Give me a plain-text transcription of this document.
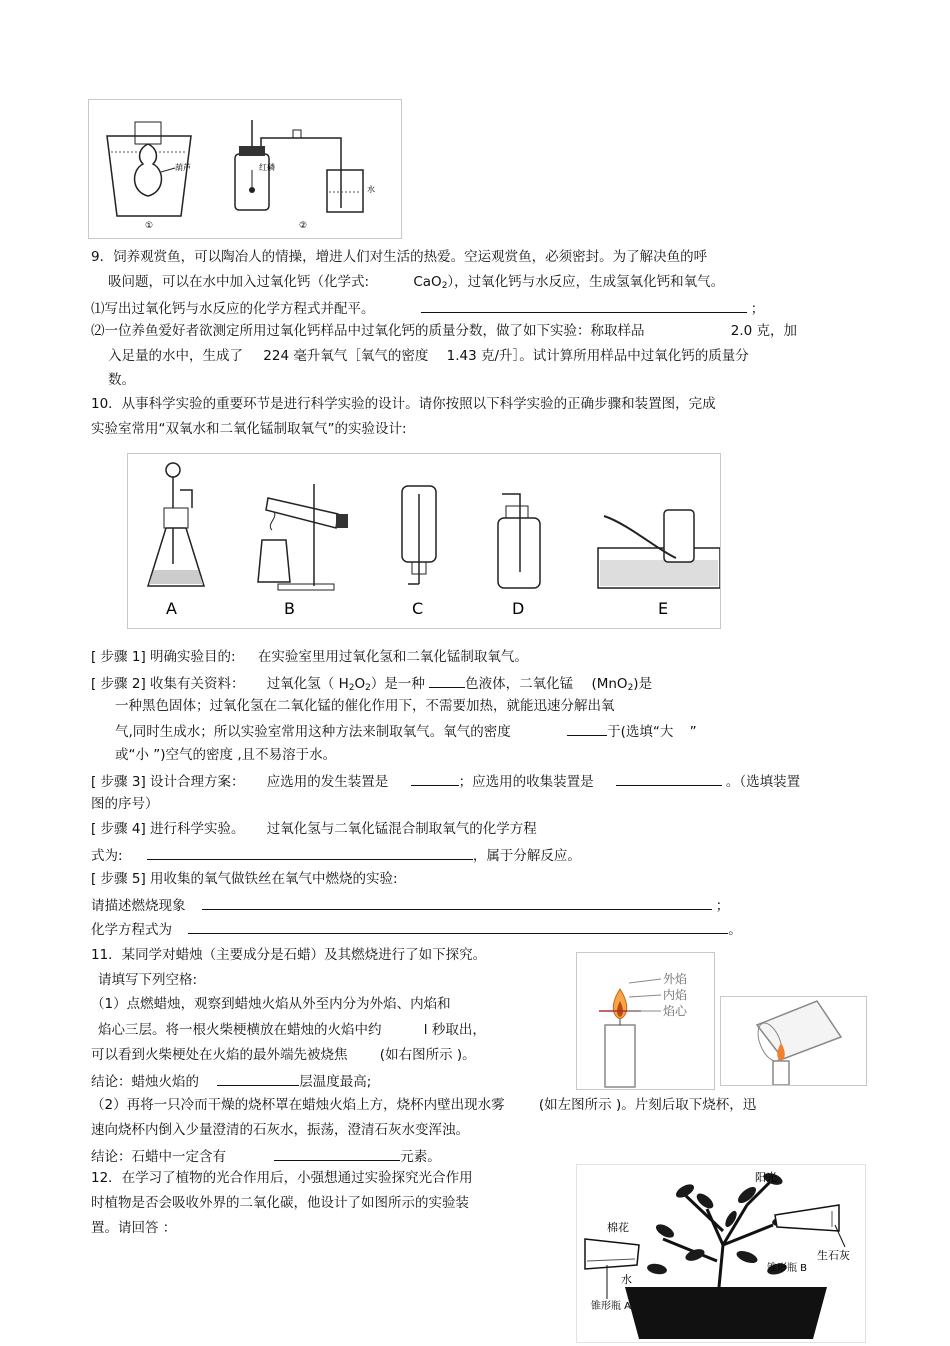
葫芦
①
红磷
水
②
9．饲养观赏鱼，可以陶冶人的情操，增进人们对生活的热爱。空运观赏鱼，必须密封。为了解决鱼的呼
吸问题，可以在水中加入过氧化钙（化学式:	CaO$_2$），过氧化钙与水反应，生成氢氧化钙和氧气。
⑴写出过氧化钙与水反应的化学方程式并配平。	；
⑵一位养鱼爱好者欲测定所用过氧化钙样品中过氧化钙的质量分数，做了如下实验：称取样品	2.0 克，加
入足量的水中，生成了 224 毫升氧气［氧气的密度 1.43 克/升］。试计算所用样品中过氧化钙的质量分
数。
10．从事科学实验的重要环节是进行科学实验的设计。请你按照以下科学实验的正确步骤和装置图，完成
实验室常用“双氧水和二氧化锰制取氧气”的实验设计:
A	B	C	D	E
[ 步骤 1] 明确实验目的: 在实验室里用过氧化氢和二氧化锰制取氧气。
[ 步骤 2] 收集有关资料： 过氧化氢（ $H_2O_2$）是一种	色液体，二氧化锰 (MnO$_2$)是
一种黑色固体；过氧化氢在二氧化锰的催化作用下，不需要加热，就能迅速分解出氧
气,同时生成水；所以实验室常用这种方法来制取氧气。氧气的密度	于(选填“大 ”
或“小 ”)空气的密度 ,且不易溶于水。
[ 步骤 3] 设计合理方案： 应选用的发生装置是	；应选用的收集装置是	。（选填装置
图的序号）
[ 步骤 4] 进行科学实验。 过氧化氢与二氧化锰混合制取氧气的化学方程
式为:	，属于分解反应。
[ 步骤 5] 用收集的氧气做铁丝在氧气中燃烧的实验:
请描述燃烧现象	；
化学方程式为	。
11．某同学对蜡烛（主要成分是石蜡）及其燃烧进行了如下探究。
请填写下列空格:
（1）点燃蜡烛，观察到蜡烛火焰从外至内分为外焰、内焰和
焰心三层。将一根火柴梗横放在蜡烛的火焰中约	l 秒取出，
可以看到火柴梗处在火焰的最外端先被烧焦 (如右图所示 )。
结论：蜡烛火焰的	层温度最高;
（2）再将一只冷而干燥的烧杯罩在蜡烛火焰上方，烧杯内壁出现水雾	(如左图所示 )。片刻后取下烧杯，迅
速向烧杯内倒入少量澄清的石灰水，振荡，澄清石灰水变浑浊。
结论：石蜡中一定含有	元素。
外焰
内焰
焰心
12．在学习了植物的光合作用后，小强想通过实验探究光合作用
时植物是否会吸收外界的二氧化碳，他设计了如图所示的实验装
置。请回答 ：
阳光
棉花
生石灰
锥形瓶 B
水
锥形瓶 A
